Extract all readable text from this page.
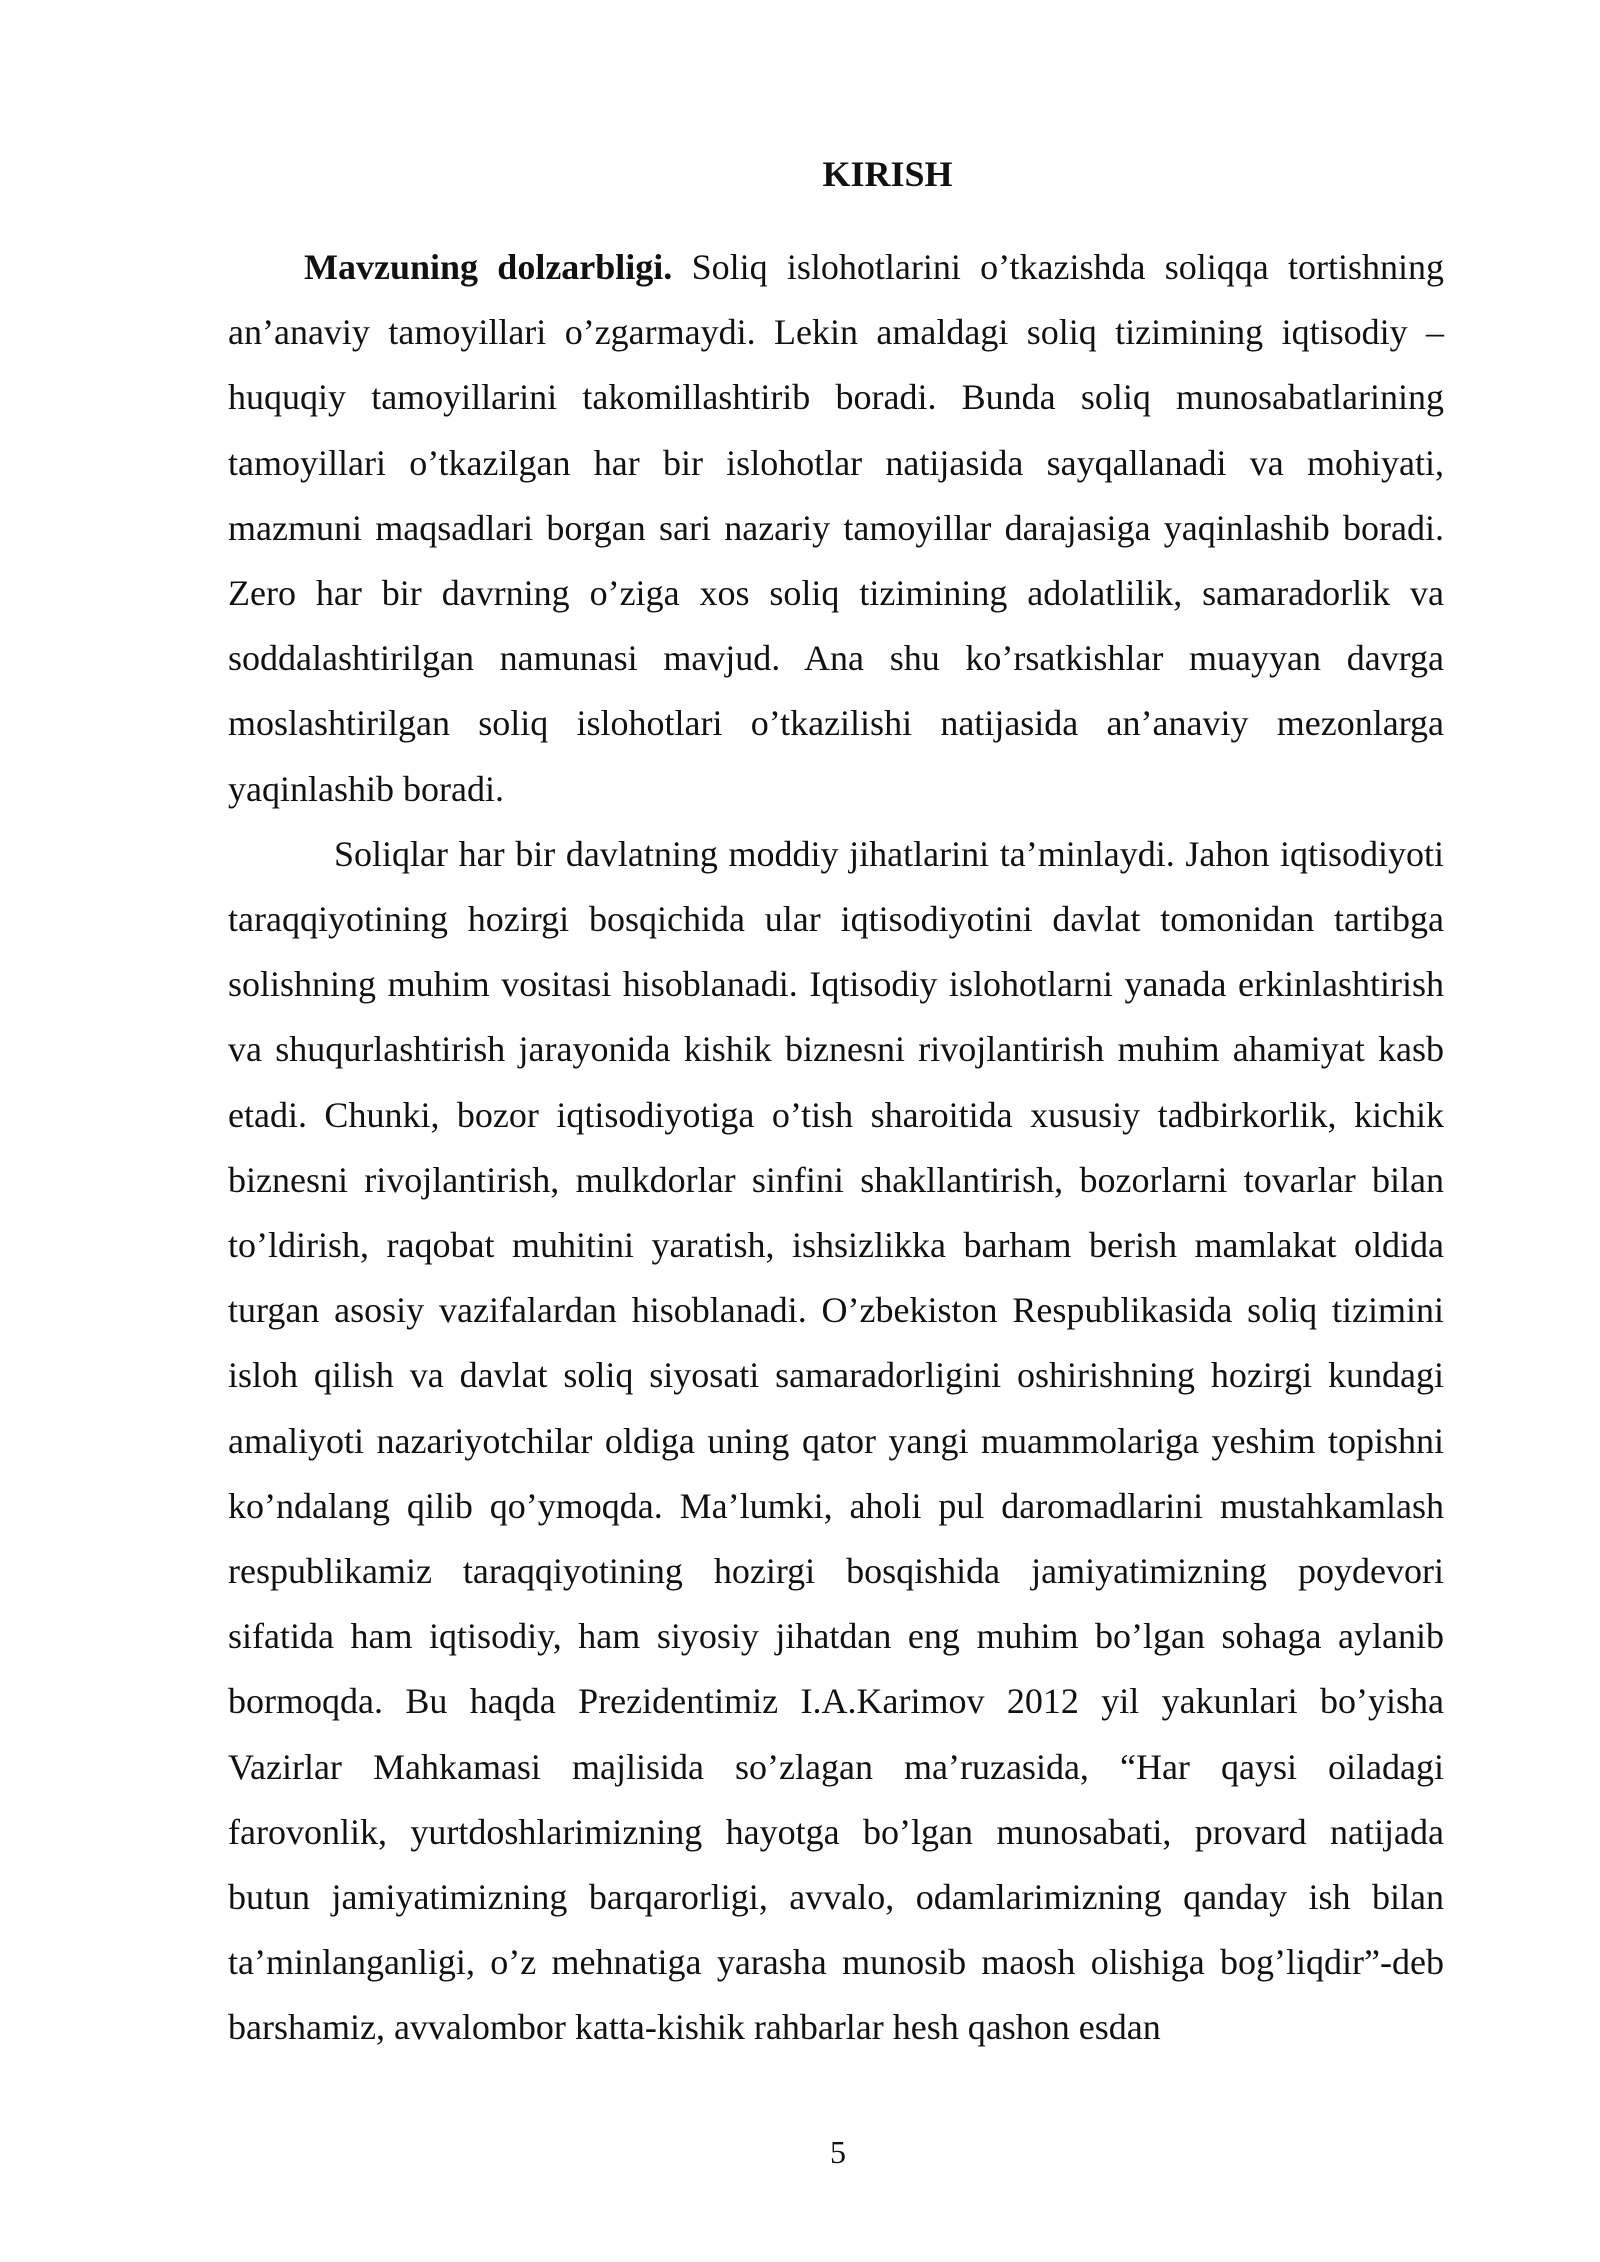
KIRISH

Mavzuning dolzarbligi. Soliq islohotlarini o’tkazishda soliqqa tortishning an’anaviy tamoyillari o’zgarmaydi. Lekin amaldagi soliq tizimining iqtisodiy – huquqiy tamoyillarini takomillashtirib boradi. Bunda soliq munosabatlarining tamoyillari o’tkazilgan har bir islohotlar natijasida sayqallanadi va mohiyati, mazmuni maqsadlari borgan sari nazariy tamoyillar darajasiga yaqinlashib boradi. Zero har bir davrning o’ziga xos soliq tizimining adolatlilik, samaradorlik va soddalashtirilgan namunasi mavjud. Ana shu ko’rsatkishlar muayyan davrga moslashtirilgan soliq islohotlari o’tkazilishi natijasida an’anaviy mezonlarga yaqinlashib boradi.

Soliqlar har bir davlatning moddiy jihatlarini ta’minlaydi. Jahon iqtisodiyoti taraqqiyotining hozirgi bosqichida ular iqtisodiyotini davlat tomonidan tartibga solishning muhim vositasi hisoblanadi. Iqtisodiy islohotlarni yanada erkinlashtirish va shuqurlashtirish jarayonida kishik biznesni rivojlantirish muhim ahamiyat kasb etadi. Chunki, bozor iqtisodiyotiga o’tish sharoitida xususiy tadbirkorlik, kichik biznesni rivojlantirish, mulkdorlar sinfini shakllantirish, bozorlarni tovarlar bilan to’ldirish, raqobat muhitini yaratish, ishsizlikka barham berish mamlakat oldida turgan asosiy vazifalardan hisoblanadi. O’zbekiston Respublikasida soliq tizimini isloh qilish va davlat soliq siyosati samaradorligini oshirishning hozirgi kundagi amaliyoti nazariyotchilar oldiga uning qator yangi muammolariga yeshim topishni ko’ndalang qilib qo’ymoqda. Ma’lumki, aholi pul daromadlarini mustahkamlash respublikamiz taraqqiyotining hozirgi bosqishida jamiyatimizning poydevori sifatida ham iqtisodiy, ham siyosiy jihatdan eng muhim bo’lgan sohaga aylanib bormoqda. Bu haqda Prezidentimiz I.A.Karimov 2012 yil yakunlari bo’yisha Vazirlar Mahkamasi majlisida so’zlagan ma’ruzasida, “Har qaysi oiladagi farovonlik, yurtdoshlarimizning hayotga bo’lgan munosabati, provard natijada butun jamiyatimizning barqarorligi, avvalo, odamlarimizning qanday ish bilan ta’minlanganligi, o’z mehnatiga yarasha munosib maosh olishiga bog’liqdir”-deb barshamiz, avvalombor katta-kishik rahbarlar hesh qashon esdan

5
